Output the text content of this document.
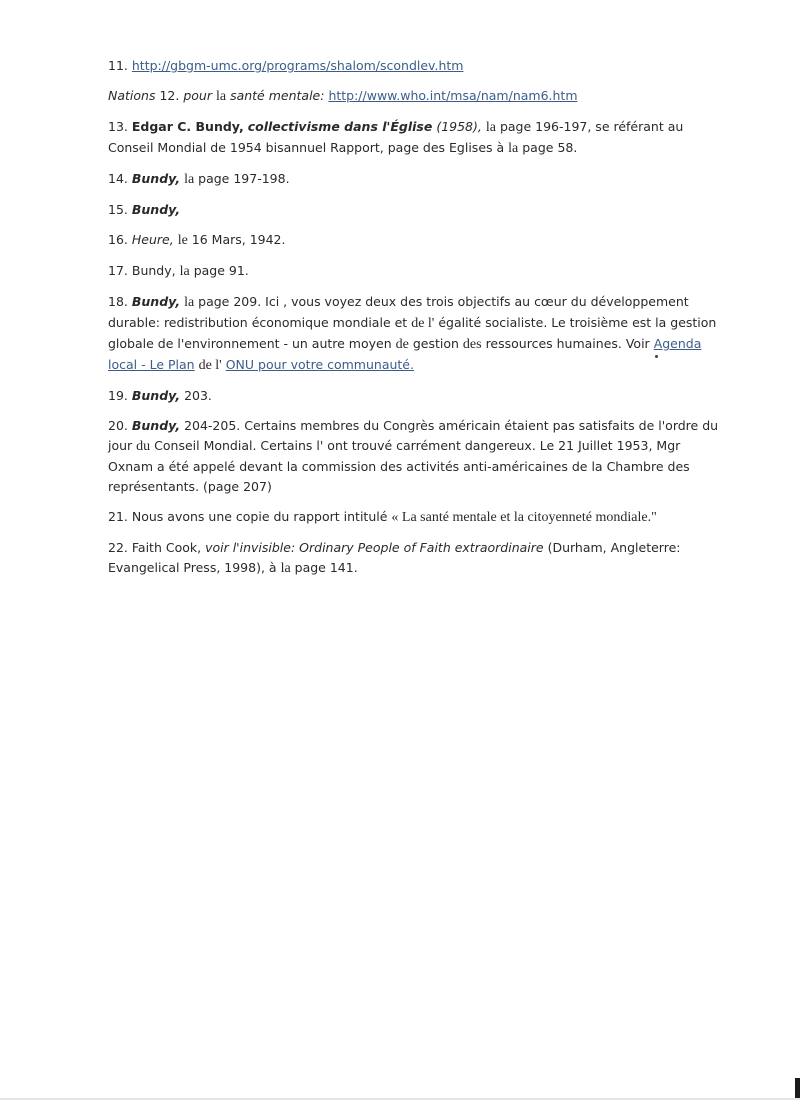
11. http://gbgm-umc.org/programs/shalom/scondlev.htm

Nations 12. pour la santé mentale: http://www.who.int/msa/nam/nam6.htm

13. Edgar C. Bundy, collectivisme dans l'Église (1958), la page 196-197, se référant au Conseil Mondial de 1954 bisannuel Rapport, page des Eglises à la page 58.

14. Bundy, la page 197-198.

15. Bundy,

16. Heure, le 16 Mars, 1942.

17. Bundy, la page 91.

18. Bundy, la page 209. Ici , vous voyez deux des trois objectifs au cœur du développement durable: redistribution économique mondiale et de l' égalité socialiste. Le troisième est la gestion globale de l'environnement - un autre moyen de gestion des ressources humaines. Voir Agenda local - Le Plan de l' ONU pour votre communauté.

19. Bundy, 203.

20. Bundy, 204-205. Certains membres du Congrès américain étaient pas satisfaits de l'ordre du jour du Conseil Mondial. Certains l' ont trouvé carrément dangereux. Le 21 Juillet 1953, Mgr Oxnam a été appelé devant la commission des activités anti-américaines de la Chambre des représentants. (page 207)

21. Nous avons une copie du rapport intitulé « La santé mentale et la citoyenneté mondiale."

22. Faith Cook, voir l'invisible: Ordinary People of Faith extraordinaire (Durham, Angleterre: Evangelical Press, 1998), à la page 141.
